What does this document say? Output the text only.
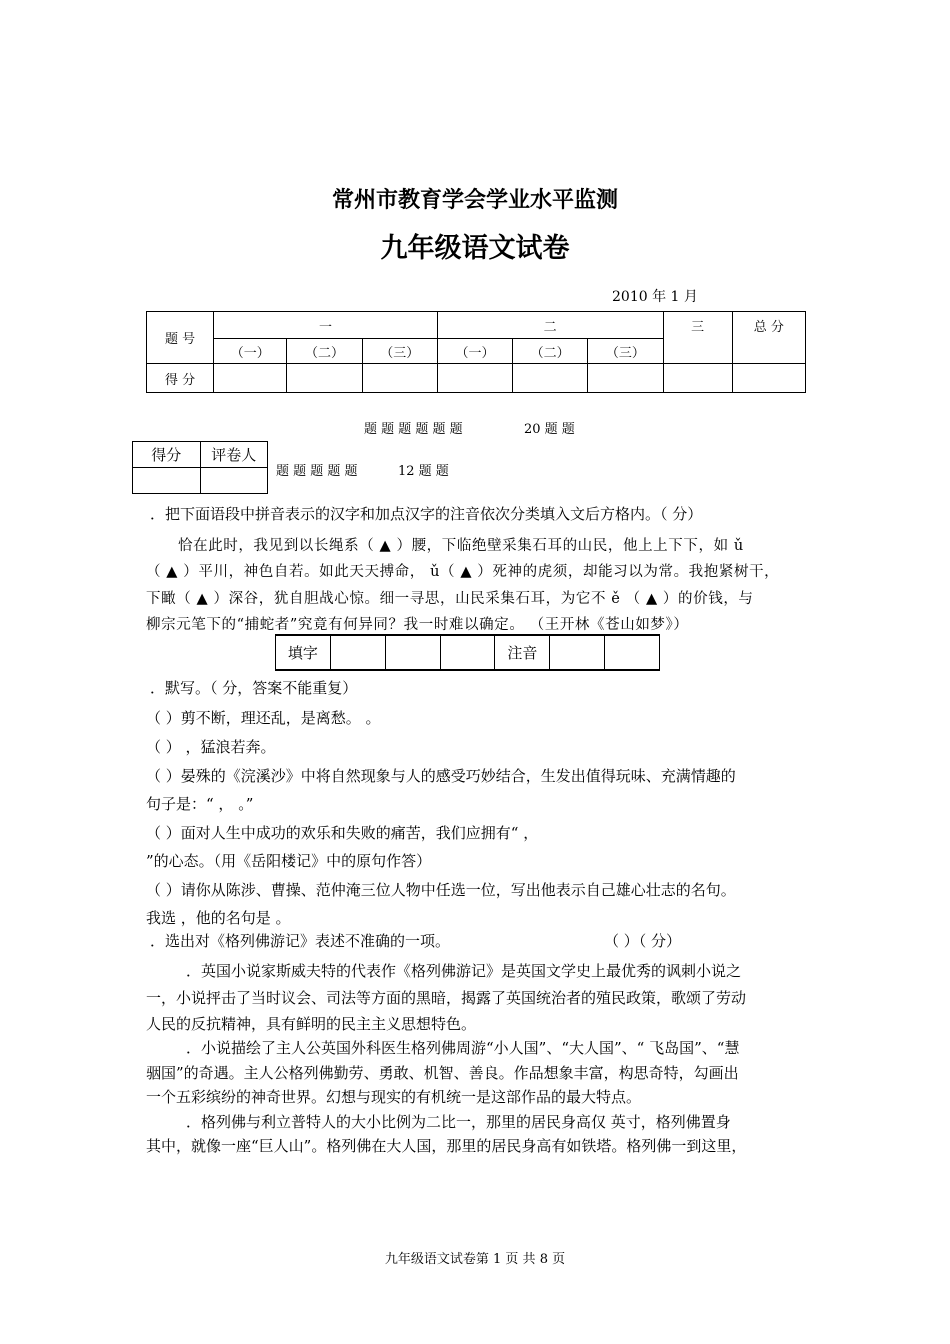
常州市教育学会学业水平监测
九年级语文试卷
2010 年 1 月
题 号	一			二			三	总 分
	（一）	（二）	（三）	（一）	（二）	（三）		
得 分								
题 题 题 题 题 题	20 题 题
得分	评卷人

题 题 题 题 题	12 题 题
．把下面语段中拼音表示的汉字和加点汉字的注音依次分类填入文后方格内。（ 分）
恰在此时，我见到以长绳系（ ▲ ）腰，下临绝壁采集石耳的山民，他上上下下，如 ǔ
（ ▲ ）平川，神色自若。如此天天搏命， ǔ（ ▲ ）死神的虎须，却能习以为常。我抱紧树干，
下瞰（ ▲ ）深谷，犹自胆战心惊。细一寻思，山民采集石耳，为它不 ě （ ▲ ）的价钱，与
柳宗元笔下的“捕蛇者”究竟有何异同？我一时难以确定。 （王开林《苍山如梦》）
填字				注音		
．默写。（ 分，答案不能重复）
（ ）剪不断，理还乱，是离愁。 。
（ ） ，猛浪若奔。
（ ）晏殊的《浣溪沙》中将自然现象与人的感受巧妙结合，生发出值得玩味、充满情趣的
句子是：“ ， 。”
（ ）面对人生中成功的欢乐和失败的痛苦，我们应拥有“ ，
”的心态。（用《岳阳楼记》中的原句作答）
（ ）请你从陈涉、曹操、范仲淹三位人物中任选一位，写出他表示自己雄心壮志的名句。
我选 ，他的名句是 。
．选出对《格列佛游记》表述不准确的一项。	（ ）（ 分）
．英国小说家斯威夫特的代表作《格列佛游记》是英国文学史上最优秀的讽刺小说之
一，小说抨击了当时议会、司法等方面的黑暗，揭露了英国统治者的殖民政策，歌颂了劳动
人民的反抗精神，具有鲜明的民主主义思想特色。
．小说描绘了主人公英国外科医生格列佛周游“小人国”、“大人国”、“ 飞岛国”、“慧
骃国”的奇遇。主人公格列佛勤劳、勇敢、机智、善良。作品想象丰富，构思奇特，勾画出
一个五彩缤纷的神奇世界。幻想与现实的有机统一是这部作品的最大特点。
．格列佛与利立普特人的大小比例为二比一，那里的居民身高仅 英寸，格列佛置身
其中，就像一座“巨人山”。格列佛在大人国，那里的居民身高有如铁塔。格列佛一到这里，
九年级语文试卷第 1 页 共 8 页
